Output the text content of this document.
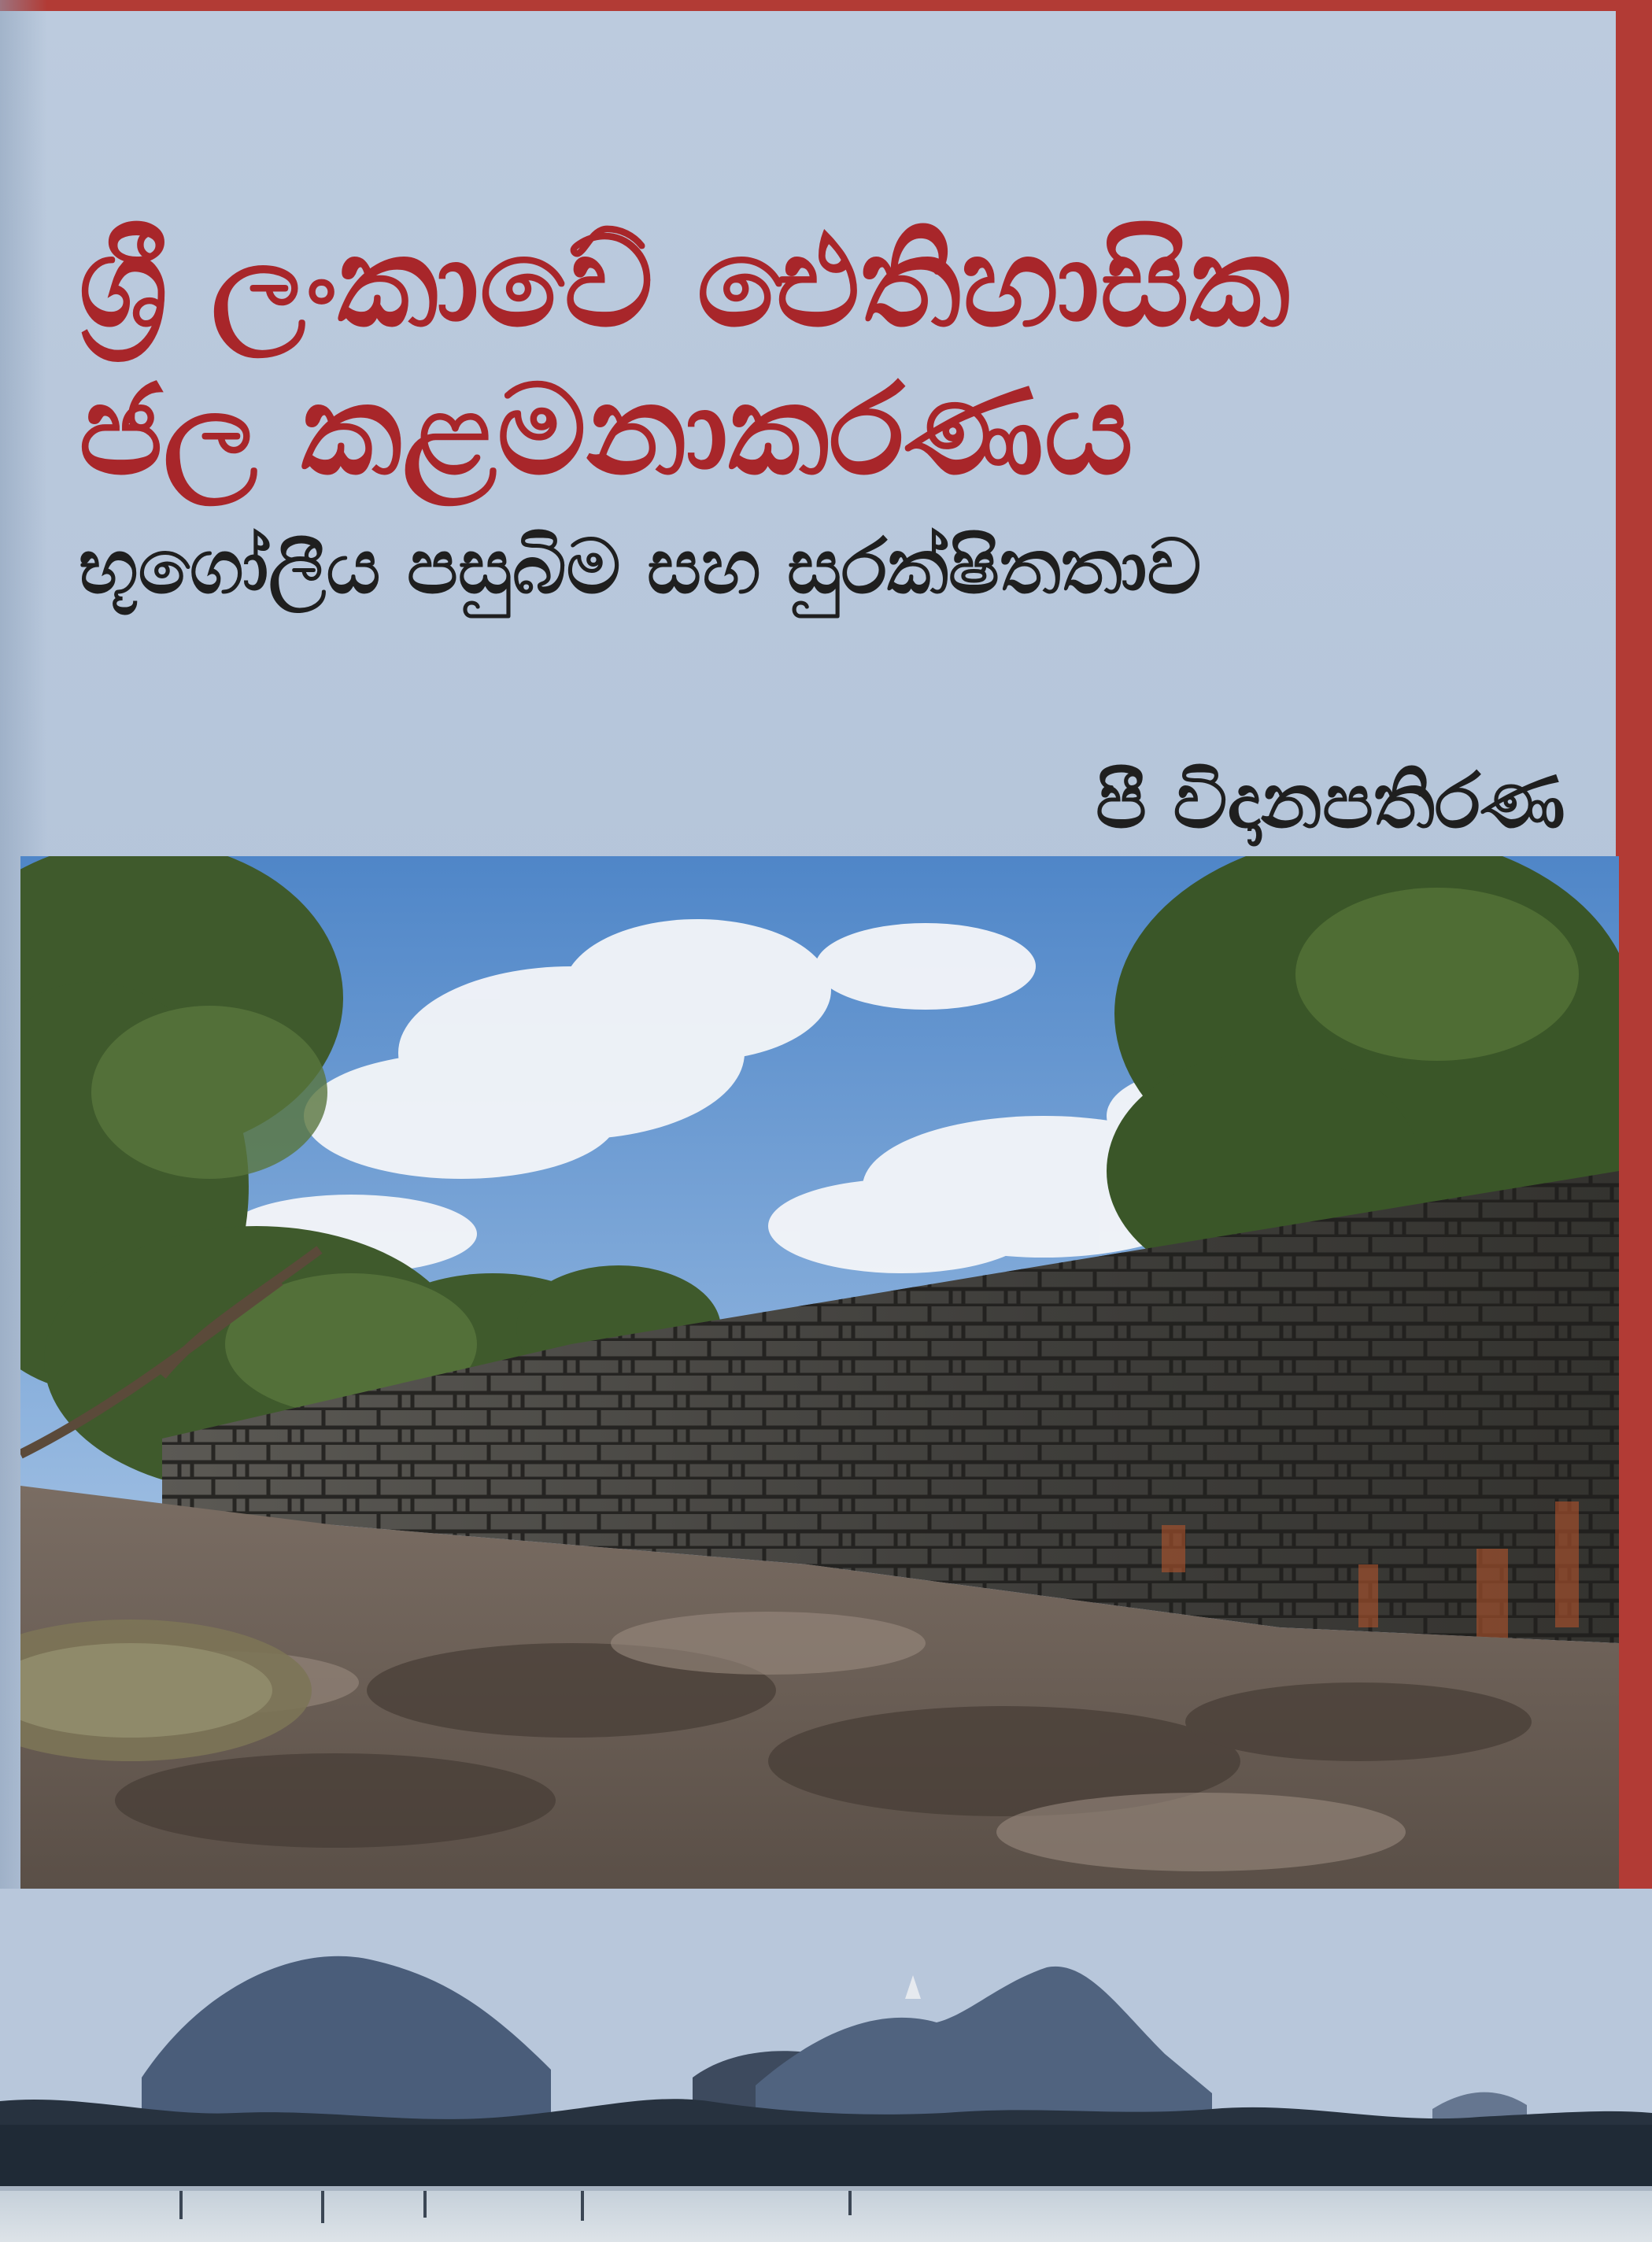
ශ්‍රී ලංකාවේ ඓතිහාසික
ජල කළමනාකරණය
භූගෝලීය පසුබිම සහ සුරක්ෂිතතාව
පී විදානපතිරණ
